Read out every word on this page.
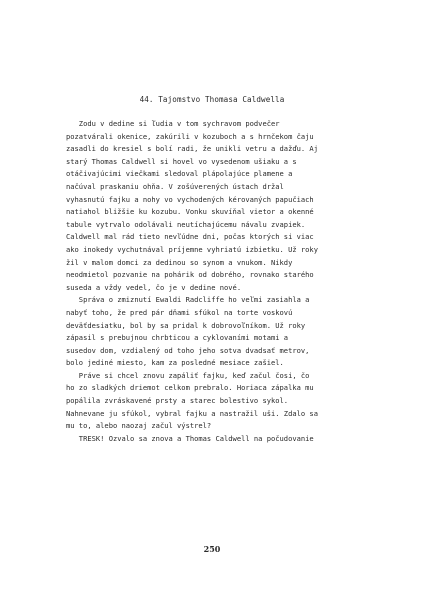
44. Tajomstvo Thomasa Caldwella
Zodu v dedine si ľudia v tom sychravom podvečer
pozatvárali okenice, zakúrili v kozuboch a s hrnčekom čaju
zasadli do kresiel s bolí radi, že unikli vetru a dažďu. Aj
starý Thomas Caldwell si hovel vo vysedenom ušiaku a s
otáčivajúcimi viečkami sledoval plápolajúce plamene a
načúval praskaniu ohňa. V zošúverených ústach držal
vyhasnutú fajku a nohy vo vychodených kérovaných papučiach
natiahol bližšie ku kozubu. Vonku skuvíňal vietor a okenné
tabule vytrvalo odolávali neutíchajúcemu návalu zvapiek.
Caldwell mal rád tieto nevľúdne dni, počas ktorých si viac
ako inokedy vychutnával príjemne vyhriatú izbietku. Už roky
žil v malom domci za dedinou so synom a vnukom. Nikdy
neodmietol pozvanie na pohárik od dobrého, rovnako starého
suseda a vždy vedel, čo je v dedine nové.
Správa o zmiznutí Ewaldi Radcliffe ho veľmi zasiahla a
nabyť toho, že pred pár dňami sfúkol na torte voskovú
deväťdesiatku, bol by sa pridal k dobrovoľníkom. Už roky
zápasil s prebujnou chrbticou a cyklovaními motami a
susedov dom, vzdialený od toho jeho sotva dvadsať metrov,
bolo jediné miesto, kam za posledné mesiace zašiel.
Práve si chcel znovu zapáliť fajku, keď začul čosi, čo
ho zo sladkých driemot celkom prebralo. Horiaca zápalka mu
popálila zvráskavené prsty a starec bolestivo sykol.
Nahnevane ju sfúkol, vybral fajku a nastražil uši. Zdalo sa
mu to, alebo naozaj začul výstrel?
TRESK! Ozvalo sa znova a Thomas Caldwell na počudovanie
250
